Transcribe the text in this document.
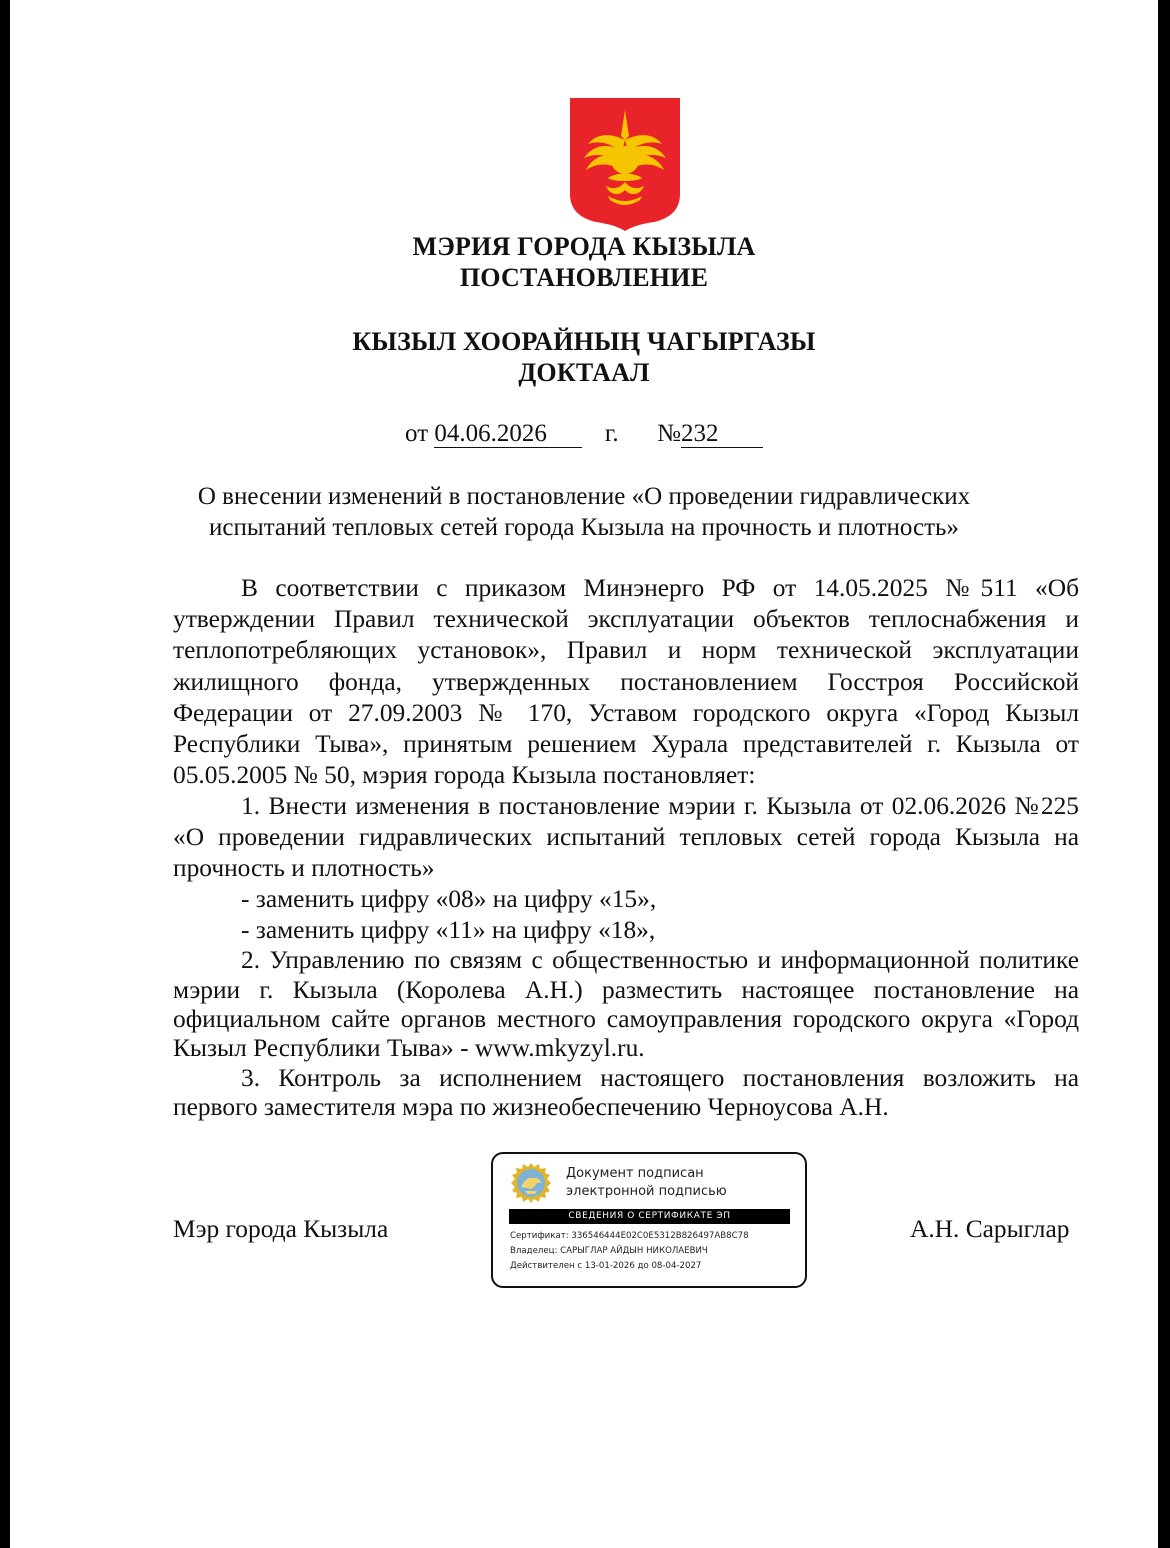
МЭРИЯ ГОРОДА КЫЗЫЛА
ПОСТАНОВЛЕНИЕ
КЫЗЫЛ ХООРАЙНЫҢ ЧАГЫРГАЗЫ
ДОКТААЛ
от 04.06.2026 г. №232
О внесении изменений в постановление «О проведении гидравлических испытаний тепловых сетей города Кызыла на прочность и плотность»

В соответствии с приказом Минэнерго РФ от 14.05.2025 №511 «Об утверждении Правил технической эксплуатации объектов теплоснабжения и теплопотребляющих установок», Правил и норм технической эксплуатации жилищного фонда, утвержденных постановлением Госстроя Российской Федерации от 27.09.2003 № 170, Уставом городского округа «Город Кызыл Республики Тыва», принятым решением Хурала представителей г. Кызыла от 05.05.2005 № 50, мэрия города Кызыла постановляет:

1. Внести изменения в постановление мэрии г. Кызыла от 02.06.2026 №225 «О проведении гидравлических испытаний тепловых сетей города Кызыла на прочность и плотность»

- заменить цифру «08» на цифру «15»,
- заменить цифру «11» на цифру «18»,

2. Управлению по связям с общественностью и информационной политике мэрии г. Кызыла (Королева А.Н.) разместить настоящее постановление на официальном сайте органов местного самоуправления городского округа «Город Кызыл Республики Тыва» - www.mkyzyl.ru.

3. Контроль за исполнением настоящего постановления возложить на первого заместителя мэра по жизнеобеспечению Черноусова А.Н.

Мэр города Кызыла	А.Н. Сарыглар
Документ подписан
электронной подписью
СВЕДЕНИЯ О СЕРТИФИКАТЕ ЭП
Сертификат: 336546444E02C0E5312B826497AB8C78
Владелец: САРЫГЛАР АЙДЫН НИКОЛАЕВИЧ
Действителен с 13-01-2026 до 08-04-2027
